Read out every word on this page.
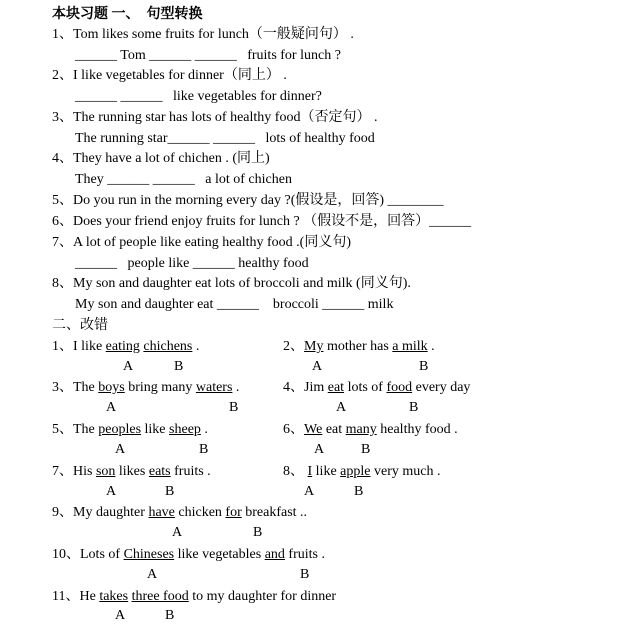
本块习题 一、  句型转换
1、Tom likes some fruits for lunch（一般疑问句） .
______ Tom ______ ______   fruits for lunch ?
2、I like vegetables for dinner（同上） .
______ ______   like vegetables for dinner?
3、The running star has lots of healthy food（否定句） .
The running star______ ______   lots of healthy food
4、They have a lot of chichen . (同上)
They ______ ______   a lot of chichen
5、Do you run in the morning every day ?(假设是，回答) ________
6、Does your friend enjoy fruits for lunch ? （假设不是，回答）______
7、A lot of people like eating healthy food .(同义句)
______   people like ______ healthy food
8、My son and daughter eat lots of broccoli and milk (同义句).
My son and daughter eat ______    broccoli ______ milk
二、改错
1、I like eating chichens .	2、My mother has a milk .
A	B	A	B
3、The boys bring many waters .	4、Jim eat lots of food every day
A	B	A	B
5、The peoples like sheep .	6、We eat many healthy food .
A	B	A	B
7、His son likes eats fruits .	8、 I like apple very much .
A	B	A	B
9、My daughter have chicken for breakfast ..
A	B
10、Lots of Chineses like vegetables and fruits .
A	B
11、He takes three food to my daughter for dinner
A	B
